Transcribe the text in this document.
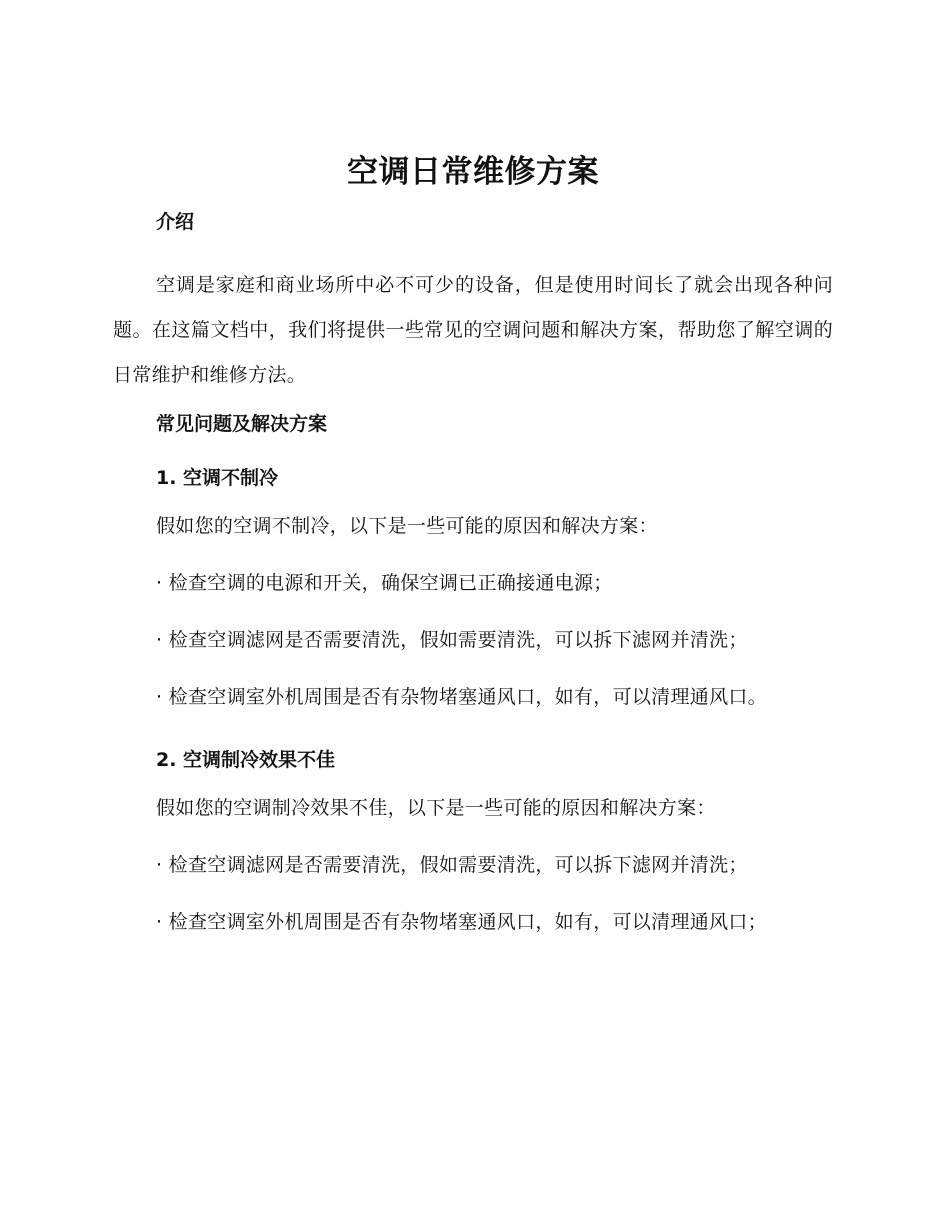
空调日常维修方案
介绍

空调是家庭和商业场所中必不可少的设备，但是使用时间长了就会出现各种问题。在这篇文档中，我们将提供一些常见的空调问题和解决方案，帮助您了解空调的日常维护和维修方法。

常见问题及解决方案
1. 空调不制冷

假如您的空调不制冷，以下是一些可能的原因和解决方案：

· 检查空调的电源和开关，确保空调已正确接通电源；

· 检查空调滤网是否需要清洗，假如需要清洗，可以拆下滤网并清洗；

· 检查空调室外机周围是否有杂物堵塞通风口，如有，可以清理通风口。

2. 空调制冷效果不佳

假如您的空调制冷效果不佳，以下是一些可能的原因和解决方案：

· 检查空调滤网是否需要清洗，假如需要清洗，可以拆下滤网并清洗；

· 检查空调室外机周围是否有杂物堵塞通风口，如有，可以清理通风口；
